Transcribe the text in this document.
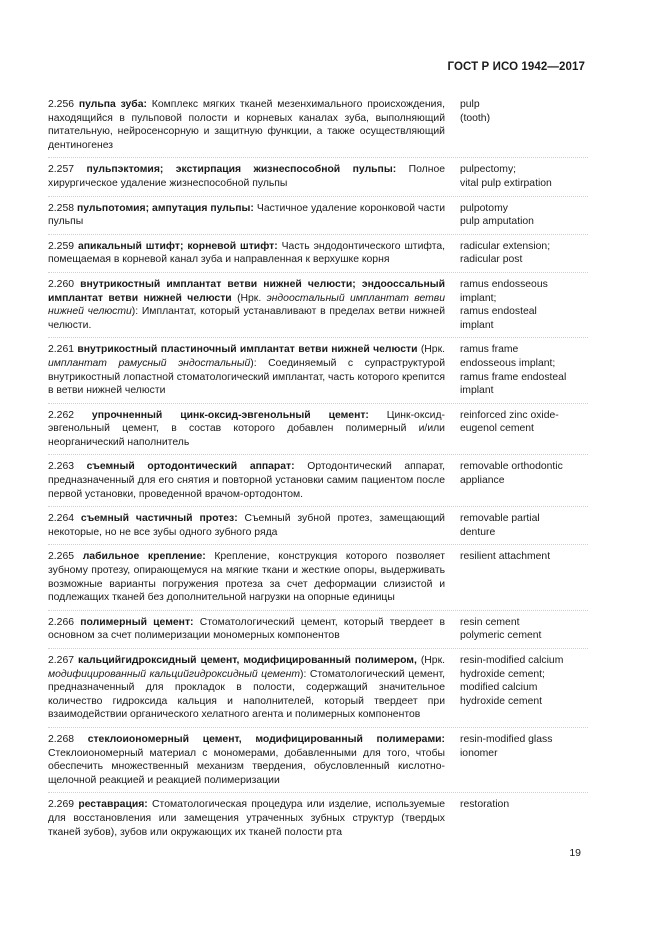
ГОСТ Р ИСО 1942—2017
2.256 пульпа зуба: Комплекс мягких тканей мезенхимального происхождения, находящийся в пульповой полости и корневых каналах зуба, выполняющий питательную, нейросенсорную и защитную функции, а также осуществляющий дентиногенез
pulp
(tooth)
2.257 пульпэктомия; экстирпация жизнеспособной пульпы: Полное хирургическое удаление жизнеспособной пульпы
pulpectomy;
vital pulp extirpation
2.258 пульпотомия; ампутация пульпы: Частичное удаление коронковой части пульпы
pulpotomy
pulp amputation
2.259 апикальный штифт; корневой штифт: Часть эндодонтического штифта, помещаемая в корневой канал зуба и направленная к верхушке корня
radicular extension;
radicular post
2.260 внутрикостный имплантат ветви нижней челюсти; эндооссальный имплантат ветви нижней челюсти (Нрк. эндоостальный имплантат ветви нижней челюсти): Имплантат, который устанавливают в пределах ветви нижней челюсти.
ramus endosseous
implant;
ramus endosteal
implant
2.261 внутрикостный пластиночный имплантат ветви нижней челюсти (Нрк. имплантат рамусный эндостальный): Соединяемый с супраструктурой внутрикостный лопастной стоматологический имплантат, часть которого крепится в ветви нижней челюсти
ramus frame
endosseous implant;
ramus frame endosteal
implant
2.262 упрочненный цинк-оксид-эвгенольный цемент: Цинк-оксид-эвгенольный цемент, в состав которого добавлен полимерный и/или неорганический наполнитель
reinforced zinc oxide-
eugenol cement
2.263 съемный ортодонтический аппарат: Ортодонтический аппарат, предназначенный для его снятия и повторной установки самим пациентом после первой установки, проведенной врачом-ортодонтом.
removable orthodontic
appliance
2.264 съемный частичный протез: Съемный зубной протез, замещающий некоторые, но не все зубы одного зубного ряда
removable partial
denture
2.265 лабильное крепление: Крепление, конструкция которого позволяет зубному протезу, опирающемуся на мягкие ткани и жесткие опоры, выдерживать возможные варианты погружения протеза за счет деформации слизистой и подлежащих тканей без дополнительной нагрузки на опорные единицы
resilient attachment
2.266 полимерный цемент: Стоматологический цемент, который твердеет в основном за счет полимеризации мономерных компонентов
resin cement
polymeric cement
2.267 кальцийгидроксидный цемент, модифицированный полимером, (Нрк. модифицированный кальцийгидроксидный цемент): Стоматологический цемент, предназначенный для прокладок в полости, содержащий значительное количество гидроксида кальция и наполнителей, который твердеет при взаимодействии органического хелатного агента и полимерных компонентов
resin-modified calcium
hydroxide cement;
modified calcium
hydroxide cement
2.268 стеклоиономерный цемент, модифицированный полимерами: Стеклоиономерный материал с мономерами, добавленными для того, чтобы обеспечить множественный механизм твердения, обусловленный кислотно-щелочной реакцией и реакцией полимеризации
resin-modified glass
ionomer
2.269 реставрация: Стоматологическая процедура или изделие, используемые для восстановления или замещения утраченных зубных структур (твердых тканей зубов), зубов или окружающих их тканей полости рта
restoration
19
